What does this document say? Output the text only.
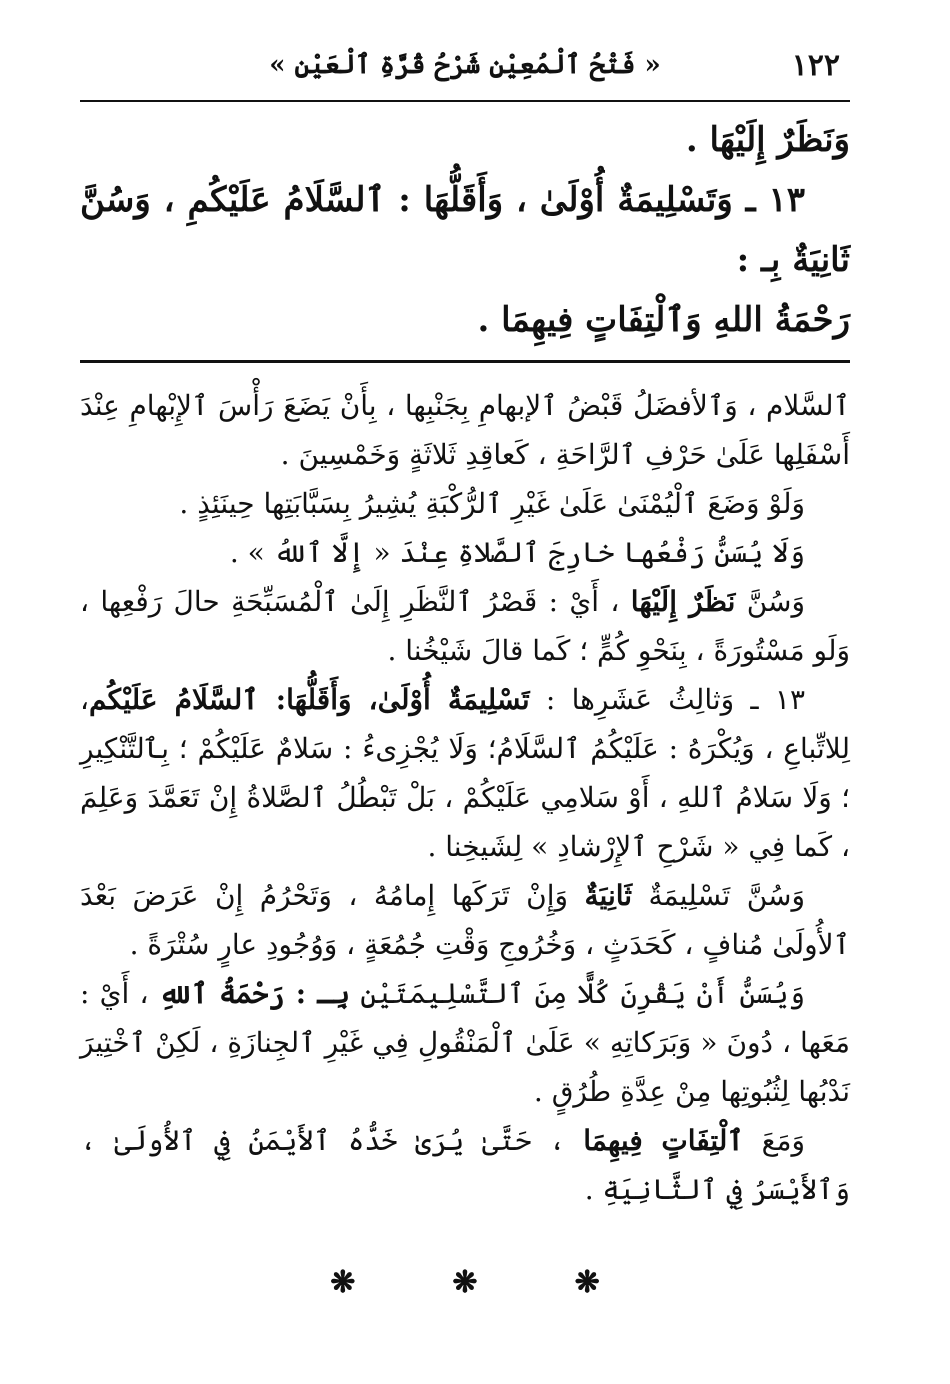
١٢٢
« فَتْحُ ٱلْمُعِيْنِ شَرْحُ قُرَّةِ ٱلْعَيْنِ »

وَنَظَرٌ إِلَيْهَا .

١٣ ـ وَتَسْلِيمَةٌ أُوْلَىٰ ، وَأَقَلُّهَا : ٱلسَّلَامُ عَلَيْكُمِ ، وَسُنَّ ثَانِيَةٌ بِـ :

رَحْمَةُ اللهِ وَٱلْتِفَاتٍ فِيهِمَا .

ٱلسَّلام ، وَٱلأفضَلُ قَبْضُ ٱلإبهامِ بِجَنْبِها ، بِأَنْ يَضَعَ رَأْسَ ٱلإِبْهامِ عِنْدَ أَسْفَلِها عَلَىٰ حَرْفِ ٱلرَّاحَةِ ، كَعاقِدِ ثَلاثَةٍ وَخَمْسِينَ .

وَلَوْ وَضَعَ ٱلْيُمْنَىٰ عَلَىٰ غَيْرِ ٱلرُّكْبَةِ يُشِيرُ بِسَبَّابَتِها حِينَئِذٍ .

وَلَا يُسَنُّ رَفْعُها خارِجَ ٱلصَّلاةِ عِنْدَ « إِلَّا ٱللهُ » .

وَسُنَّ نَظَرٌ إِلَيْهَا ، أَيْ : قَصْرُ ٱلنَّظَرِ إِلَىٰ ٱلْمُسَبِّحَةِ حالَ رَفْعِها ، وَلَو مَسْتُورَةً ، بِنَحْوِ كُمٍّ ؛ كَما قالَ شَيْخُنا .

١٣ ـ وَثالِثُ عَشَرِها : تَسْلِيمَةٌ أُوْلَىٰ، وَأَقَلُّهَا: ٱلسَّلَامُ عَلَيْكُم، لِلاتِّباعِ ، وَيُكْرَهُ : عَلَيْكُمُ ٱلسَّلَامُ؛ وَلَا يُجْزِىءُ : سَلامٌ عَلَيْكُمْ ؛ بِٱلتَّنْكِيرِ ؛ وَلَا سَلامُ ٱللهِ ، أَوْ سَلامِي عَلَيْكُمْ ، بَلْ تَبْطُلُ ٱلصَّلاةُ إِنْ تَعَمَّدَ وَعَلِمَ ، كَما فِي « شَرْحِ ٱلإِرْشادِ » لِشَيخِنا .

وَسُنَّ تَسْلِيمَةٌ ثَانِيَةٌ وَإِنْ تَرَكَها إِمامُهُ ، وَتَحْرُمُ إِنْ عَرَضَ بَعْدَ ٱلأُولَىٰ مُنافٍ ، كَحَدَثٍ ، وَخُرُوجِ وَقْتِ جُمُعَةٍ ، وَوُجُودِ عارٍ سُتْرَةً .

وَيُسَنُّ أَنْ يَقْرِنَ كُلًّا مِنَ ٱلتَّسْلِيمَتَيْنِ بِـ : رَحْمَةُ ٱللهِ ، أَيْ : مَعَها ، دُونَ « وَبَرَكاتِهِ » عَلَىٰ ٱلْمَنْقُولِ فِي غَيْرِ ٱلجِنازَةِ ، لَكِنْ ٱخْتِيرَ نَدْبُها لِثُبُوتِها مِنْ عِدَّةِ طُرُقٍ .

وَمَعَ ٱلْتِفَاتٍ فِيهِمَا ، حَتَّىٰ يُرَىٰ خَدُّهُ ٱلأَيْمَنُ فِي ٱلأُولَىٰ ، وَٱلأَيْسَرُ فِي ٱلثَّانِيَةِ .

❋	❋	❋
